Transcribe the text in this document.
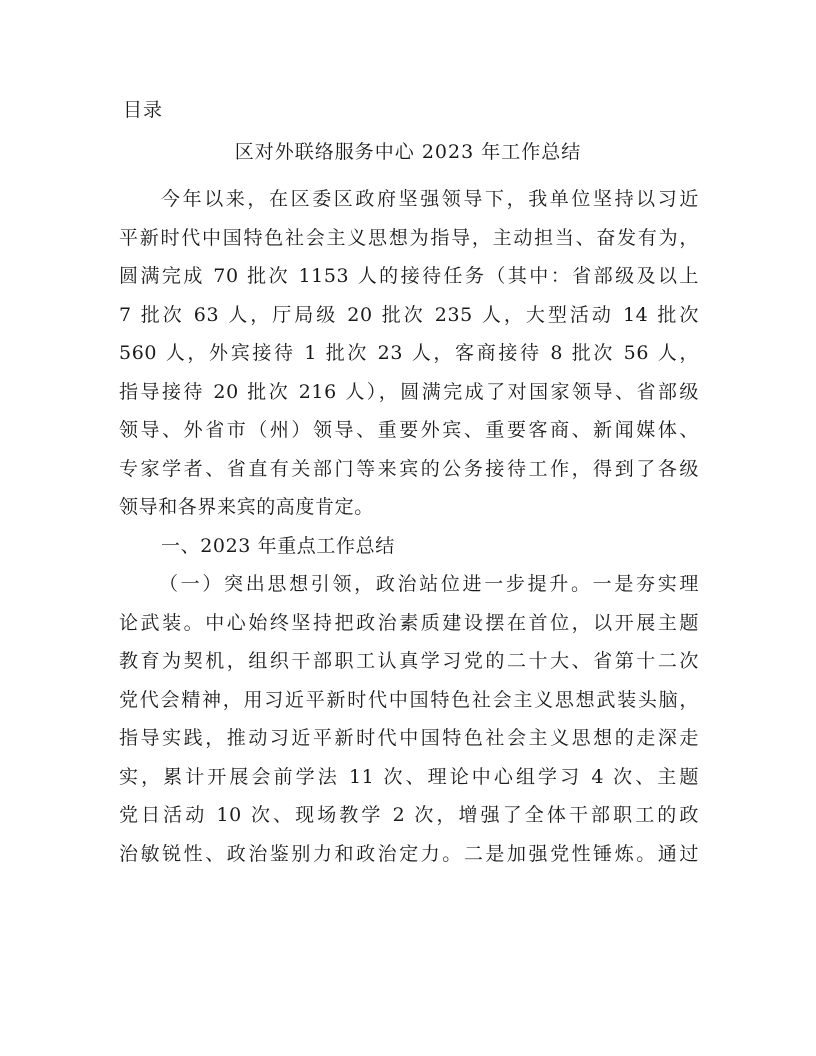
目录
区对外联络服务中心 2023 年工作总结
今年以来，在区委区政府坚强领导下，我单位坚持以习近
平新时代中国特色社会主义思想为指导，主动担当、奋发有为，
圆满完成 70 批次 1153 人的接待任务（其中：省部级及以上
7 批次 63 人，厅局级 20 批次 235 人，大型活动 14 批次
560 人，外宾接待 1 批次 23 人，客商接待 8 批次 56 人，
指导接待 20 批次 216 人），圆满完成了对国家领导、省部级
领导、外省市（州）领导、重要外宾、重要客商、新闻媒体、
专家学者、省直有关部门等来宾的公务接待工作，得到了各级
领导和各界来宾的高度肯定。
一、2023 年重点工作总结
（一）突出思想引领，政治站位进一步提升。一是夯实理
论武装。中心始终坚持把政治素质建设摆在首位，以开展主题
教育为契机，组织干部职工认真学习党的二十大、省第十二次
党代会精神，用习近平新时代中国特色社会主义思想武装头脑，
指导实践，推动习近平新时代中国特色社会主义思想的走深走
实，累计开展会前学法 11 次、理论中心组学习 4 次、主题
党日活动 10 次、现场教学 2 次，增强了全体干部职工的政
治敏锐性、政治鉴别力和政治定力。二是加强党性锤炼。通过
